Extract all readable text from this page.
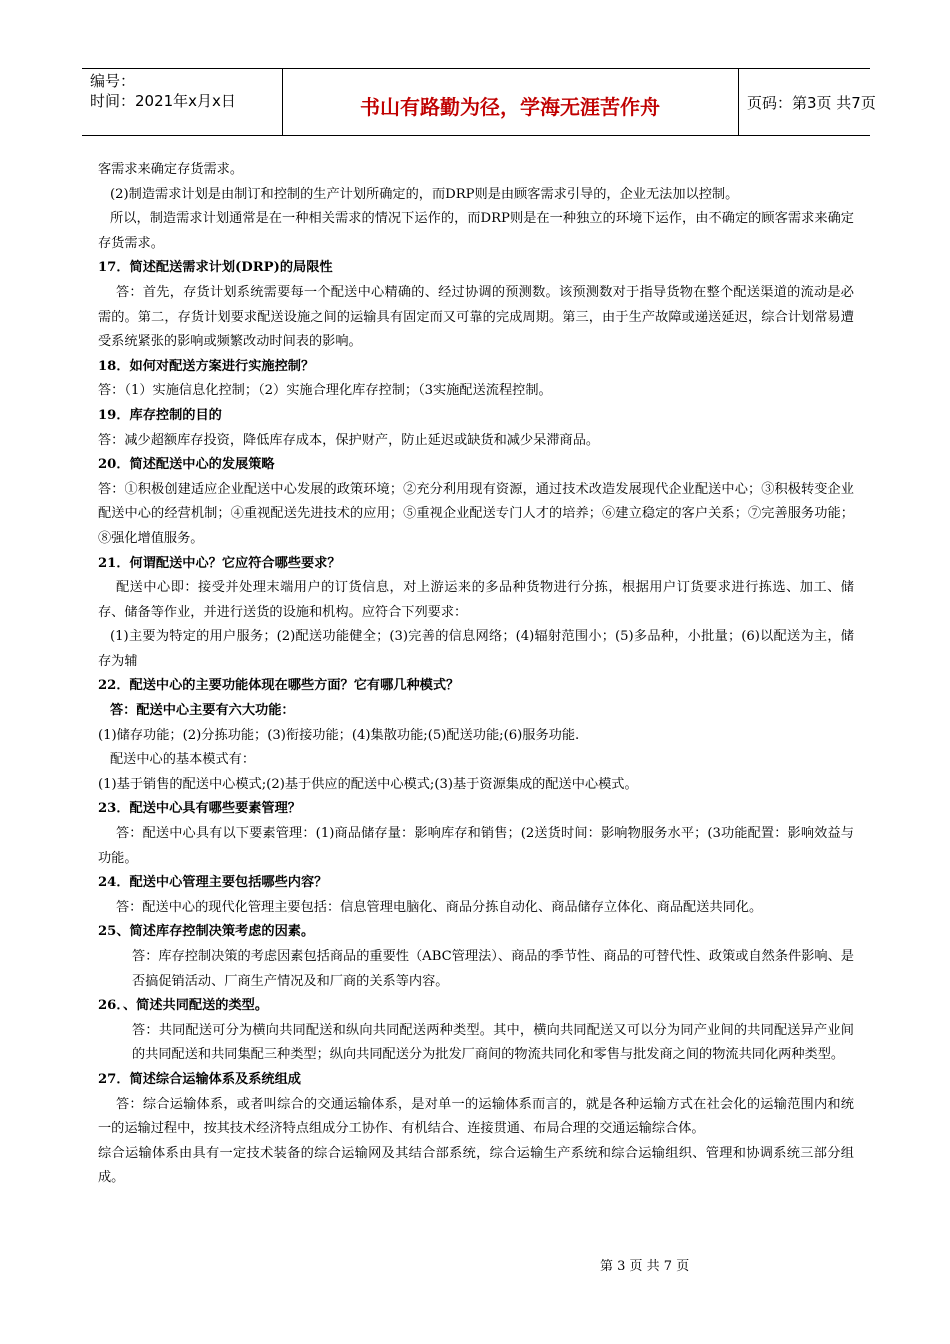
编号：
时间：2021年x月x日	书山有路勤为径，学海无涯苦作舟	页码：第3页 共7页

客需求来确定存货需求。

(2)制造需求计划是由制订和控制的生产计划所确定的，而DRP则是由顾客需求引导的，企业无法加以控制。

所以，制造需求计划通常是在一种相关需求的情况下运作的，而DRP则是在一种独立的环境下运作，由不确定的顾客需求来确定存货需求。

17．简述配送需求计划(DRP)的局限性

答：首先，存货计划系统需要每一个配送中心精确的、经过协调的预测数。该预测数对于指导货物在整个配送渠道的流动是必需的。第二，存货计划要求配送设施之间的运输具有固定而又可靠的完成周期。第三，由于生产故障或递送延迟，综合计划常易遭受系统紧张的影响或频繁改动时间表的影响。

18．如何对配送方案进行实施控制？

答：（1）实施信息化控制；（2）实施合理化库存控制；（3实施配送流程控制。

19．库存控制的目的

答：减少超额库存投资，降低库存成本，保护财产，防止延迟或缺货和减少呆滞商品。

20．简述配送中心的发展策略

答：①积极创建适应企业配送中心发展的政策环境；②充分利用现有资源，通过技术改造发展现代企业配送中心；③积极转变企业配送中心的经营机制；④重视配送先进技术的应用；⑤重视企业配送专门人才的培养；⑥建立稳定的客户关系；⑦完善服务功能；⑧强化增值服务。

21．何谓配送中心？它应符合哪些要求？

配送中心即：接受并处理末端用户的订货信息，对上游运来的多品种货物进行分拣，根据用户订货要求进行拣选、加工、储存、储备等作业，并进行送货的设施和机构。应符合下列要求：

(1)主要为特定的用户服务；(2)配送功能健全；(3)完善的信息网络；(4)辐射范围小；(5)多品种，小批量；(6)以配送为主，储存为辅

22．配送中心的主要功能体现在哪些方面？它有哪几种模式？

答：配送中心主要有六大功能：

(1)储存功能；(2)分拣功能；(3)衔接功能；(4)集散功能;(5)配送功能;(6)服务功能.

配送中心的基本模式有：

(1)基于销售的配送中心模式;(2)基于供应的配送中心模式;(3)基于资源集成的配送中心模式。

23．配送中心具有哪些要素管理？

答：配送中心具有以下要素管理：(1)商品储存量：影响库存和销售；(2送货时间：影响物服务水平；(3功能配置：影响效益与功能。

24．配送中心管理主要包括哪些内容？

答：配送中心的现代化管理主要包括：信息管理电脑化、商品分拣自动化、商品储存立体化、商品配送共同化。

25、简述库存控制决策考虑的因素。

答：库存控制决策的考虑因素包括商品的重要性（ABC管理法）、商品的季节性、商品的可替代性、政策或自然条件影响、是否搞促销活动、厂商生产情况及和厂商的关系等内容。

26．、简述共同配送的类型。

答：共同配送可分为横向共同配送和纵向共同配送两种类型。其中，横向共同配送又可以分为同产业间的共同配送异产业间的共同配送和共同集配三种类型；纵向共同配送分为批发厂商间的物流共同化和零售与批发商之间的物流共同化两种类型。

27．简述综合运输体系及系统组成

答：综合运输体系，或者叫综合的交通运输体系，是对单一的运输体系而言的，就是各种运输方式在社会化的运输范围内和统一的运输过程中，按其技术经济特点组成分工协作、有机结合、连接贯通、布局合理的交通运输综合体。

综合运输体系由具有一定技术装备的综合运输网及其结合部系统，综合运输生产系统和综合运输组织、管理和协调系统三部分组成。

第 3 页 共 7 页
